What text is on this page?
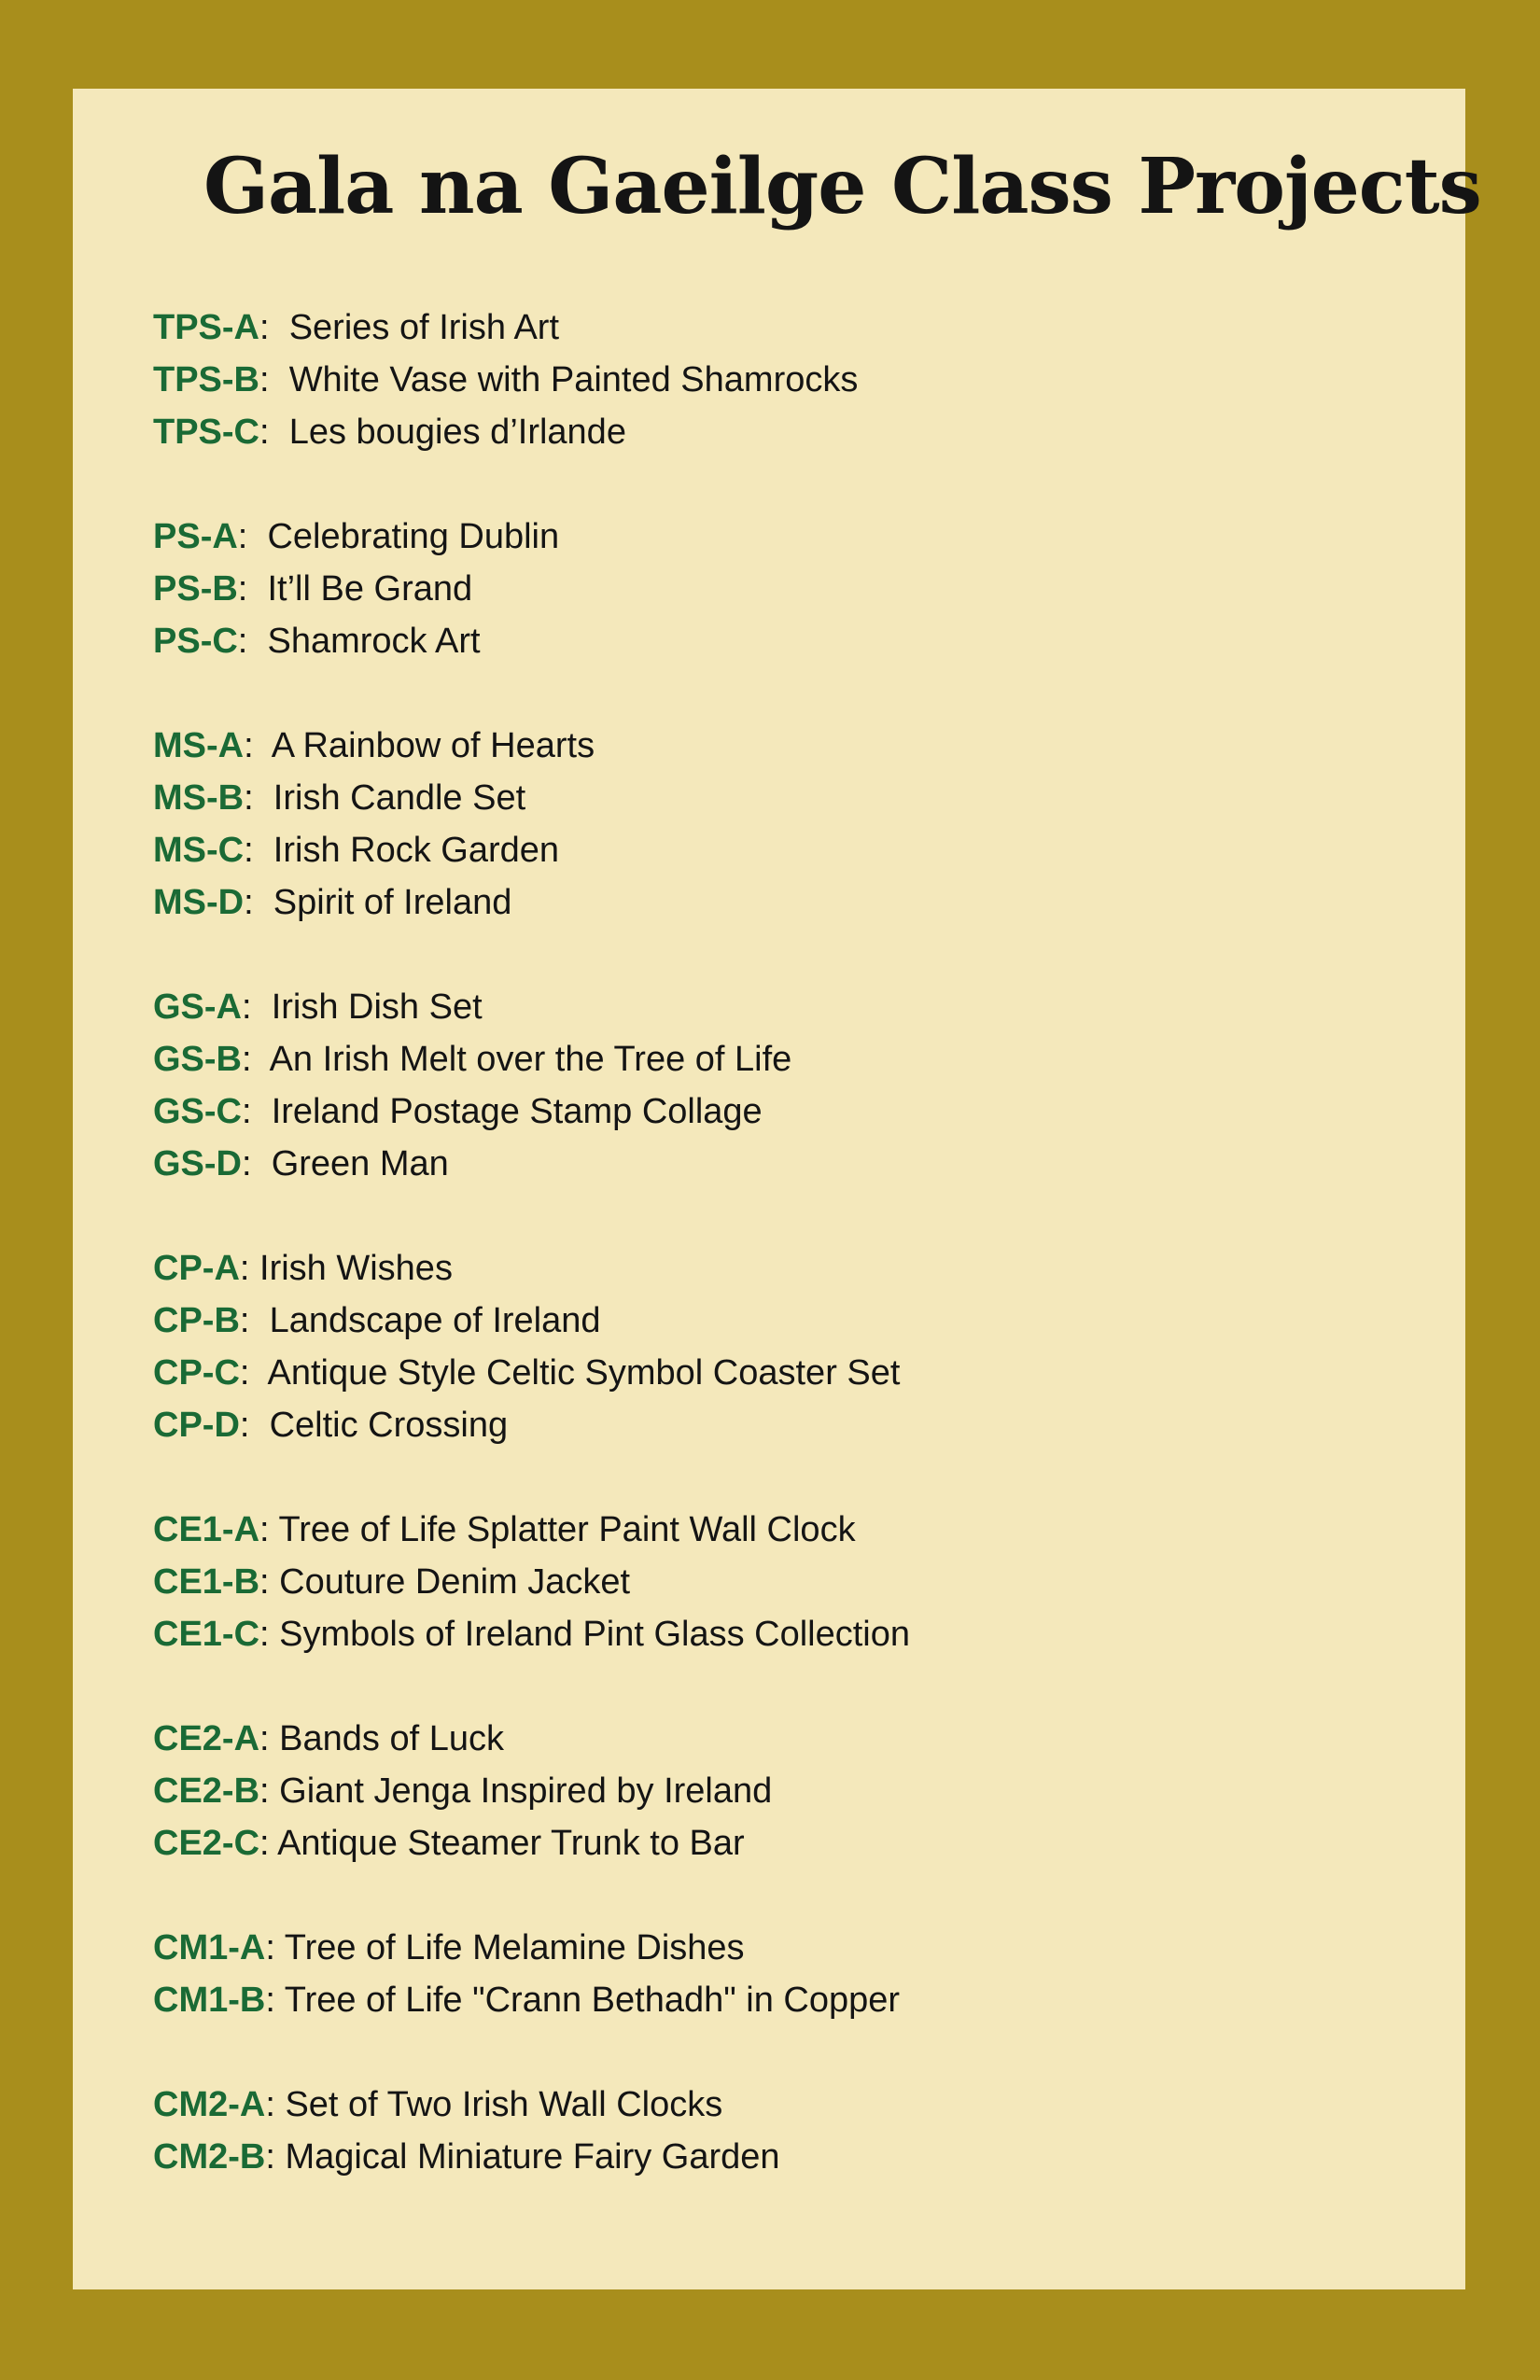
Gala na Gaeilge Class Projects
TPS-A:  Series of Irish Art
TPS-B:  White Vase with Painted Shamrocks
TPS-C:  Les bougies d’Irlande
PS-A:  Celebrating Dublin
PS-B:  It’ll Be Grand
PS-C:  Shamrock Art
MS-A:  A Rainbow of Hearts
MS-B:  Irish Candle Set
MS-C:  Irish Rock Garden
MS-D:  Spirit of Ireland
GS-A:  Irish Dish Set
GS-B:  An Irish Melt over the Tree of Life
GS-C:  Ireland Postage Stamp Collage
GS-D:  Green Man
CP-A: Irish Wishes
CP-B:  Landscape of Ireland
CP-C:  Antique Style Celtic Symbol Coaster Set
CP-D:  Celtic Crossing
CE1-A: Tree of Life Splatter Paint Wall Clock
CE1-B: Couture Denim Jacket
CE1-C: Symbols of Ireland Pint Glass Collection
CE2-A: Bands of Luck
CE2-B: Giant Jenga Inspired by Ireland
CE2-C: Antique Steamer Trunk to Bar
CM1-A: Tree of Life Melamine Dishes
CM1-B: Tree of Life "Crann Bethadh" in Copper
CM2-A: Set of Two Irish Wall Clocks
CM2-B: Magical Miniature Fairy Garden
